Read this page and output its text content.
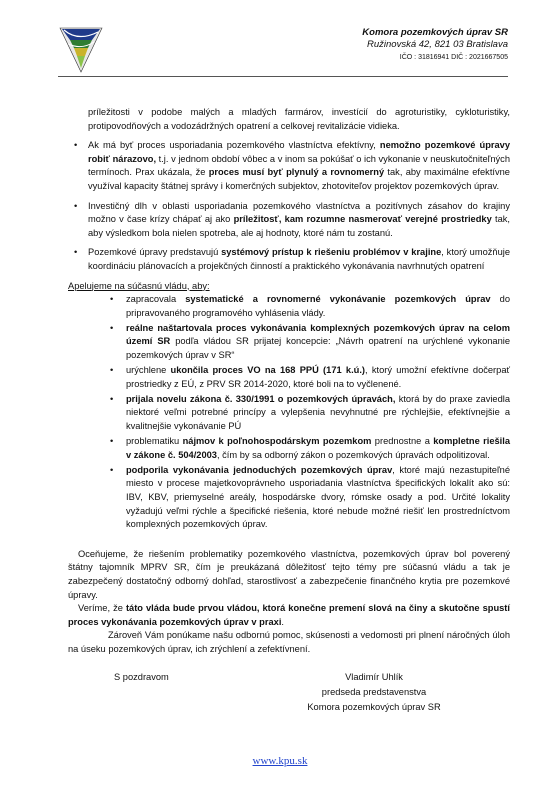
Komora pozemkových úprav SR
Ružinovská 42, 821 03 Bratislava
IČO : 31816941 DIČ : 2021667505

príležitosti v podobe malých a mladých farmárov, investícií do agroturistiky, cykloturistiky, protipovodňových a vodozádržných opatrení a celkovej revitalizácie vidieka.

• Ak má byť proces usporiadania pozemkového vlastníctva efektívny, nemožno pozemkové úpravy robiť nárazovo, t.j. v jednom období vôbec a v inom sa pokúšať o ich vykonanie v neuskutočniteľných termínoch. Prax ukázala, že proces musí byť plynulý a rovnomerný tak, aby maximálne efektívne využíval kapacity štátnej správy i komerčných subjektov, zhotoviteľov projektov pozemkových úprav.
• Investičný dlh v oblasti usporiadania pozemkového vlastníctva a pozitívnych zásahov do krajiny možno v čase krízy chápať aj ako príležitosť, kam rozumne nasmerovať verejné prostriedky tak, aby výsledkom bola nielen spotreba, ale aj hodnoty, ktoré nám tu zostanú.
• Pozemkové úpravy predstavujú systémový prístup k riešeniu problémov v krajine, ktorý umožňuje koordináciu plánovacích a projekčných činností a praktického vykonávania navrhnutých opatrení

Apelujeme na súčasnú vládu, aby:

• zapracovala systematické a rovnomerné vykonávanie pozemkových úprav do pripravovaného programového vyhlásenia vlády.
• reálne naštartovala proces vykonávania komplexných pozemkových úprav na celom území SR podľa vládou SR prijatej koncepcie: „Návrh opatrení na urýchlené vykonanie pozemkových úprav v SR“
• urýchlene ukončila proces VO na 168 PPÚ (171 k.ú.), ktorý umožní efektívne dočerpať prostriedky z EÚ, z PRV SR 2014-2020, ktoré boli na to vyčlenené.
• prijala novelu zákona č. 330/1991 o pozemkových úpravách, ktorá by do praxe zaviedla niektoré veľmi potrebné princípy a vylepšenia nevyhnutné pre rýchlejšie, efektívnejšie a kvalitnejšie vykonávanie PÚ
• problematiku nájmov k poľnohospodárskym pozemkom prednostne a kompletne riešila v zákone č. 504/2003, čím by sa odborný zákon o pozemkových úpravách odpolitizoval.
• podporila vykonávania jednoduchých pozemkových úprav, ktoré majú nezastupiteľné miesto v procese majetkovoprávneho usporiadania vlastníctva špecifických lokalít ako sú: IBV, KBV, priemyselné areály, hospodárske dvory, rómske osady a pod. Určité lokality vyžadujú veľmi rýchle a špecifické riešenia, ktoré nebude možné riešiť len prostredníctvom komplexných pozemkových úprav.

Oceňujeme, že riešením problematiky pozemkového vlastníctva, pozemkových úprav bol poverený štátny tajomník MPRV SR, čím je preukázaná dôležitosť tejto témy pre súčasnú vládu a tak je zabezpečený dostatočný odborný dohľad, starostlivosť a zabezpečenie finančného krytia pre pozemkové úpravy.

Veríme, že táto vláda bude prvou vládou, ktorá konečne premení slová na činy a skutočne spustí proces vykonávania pozemkových úprav v praxi.

Zároveň Vám ponúkame našu odbornú pomoc, skúsenosti a vedomosti pri plnení náročných úloh na úseku pozemkových úprav, ich zrýchlení a zefektívnení.

S pozdravom	Vladimír Uhlík
predseda predstavenstva
Komora pozemkových úprav SR
www.kpu.sk
